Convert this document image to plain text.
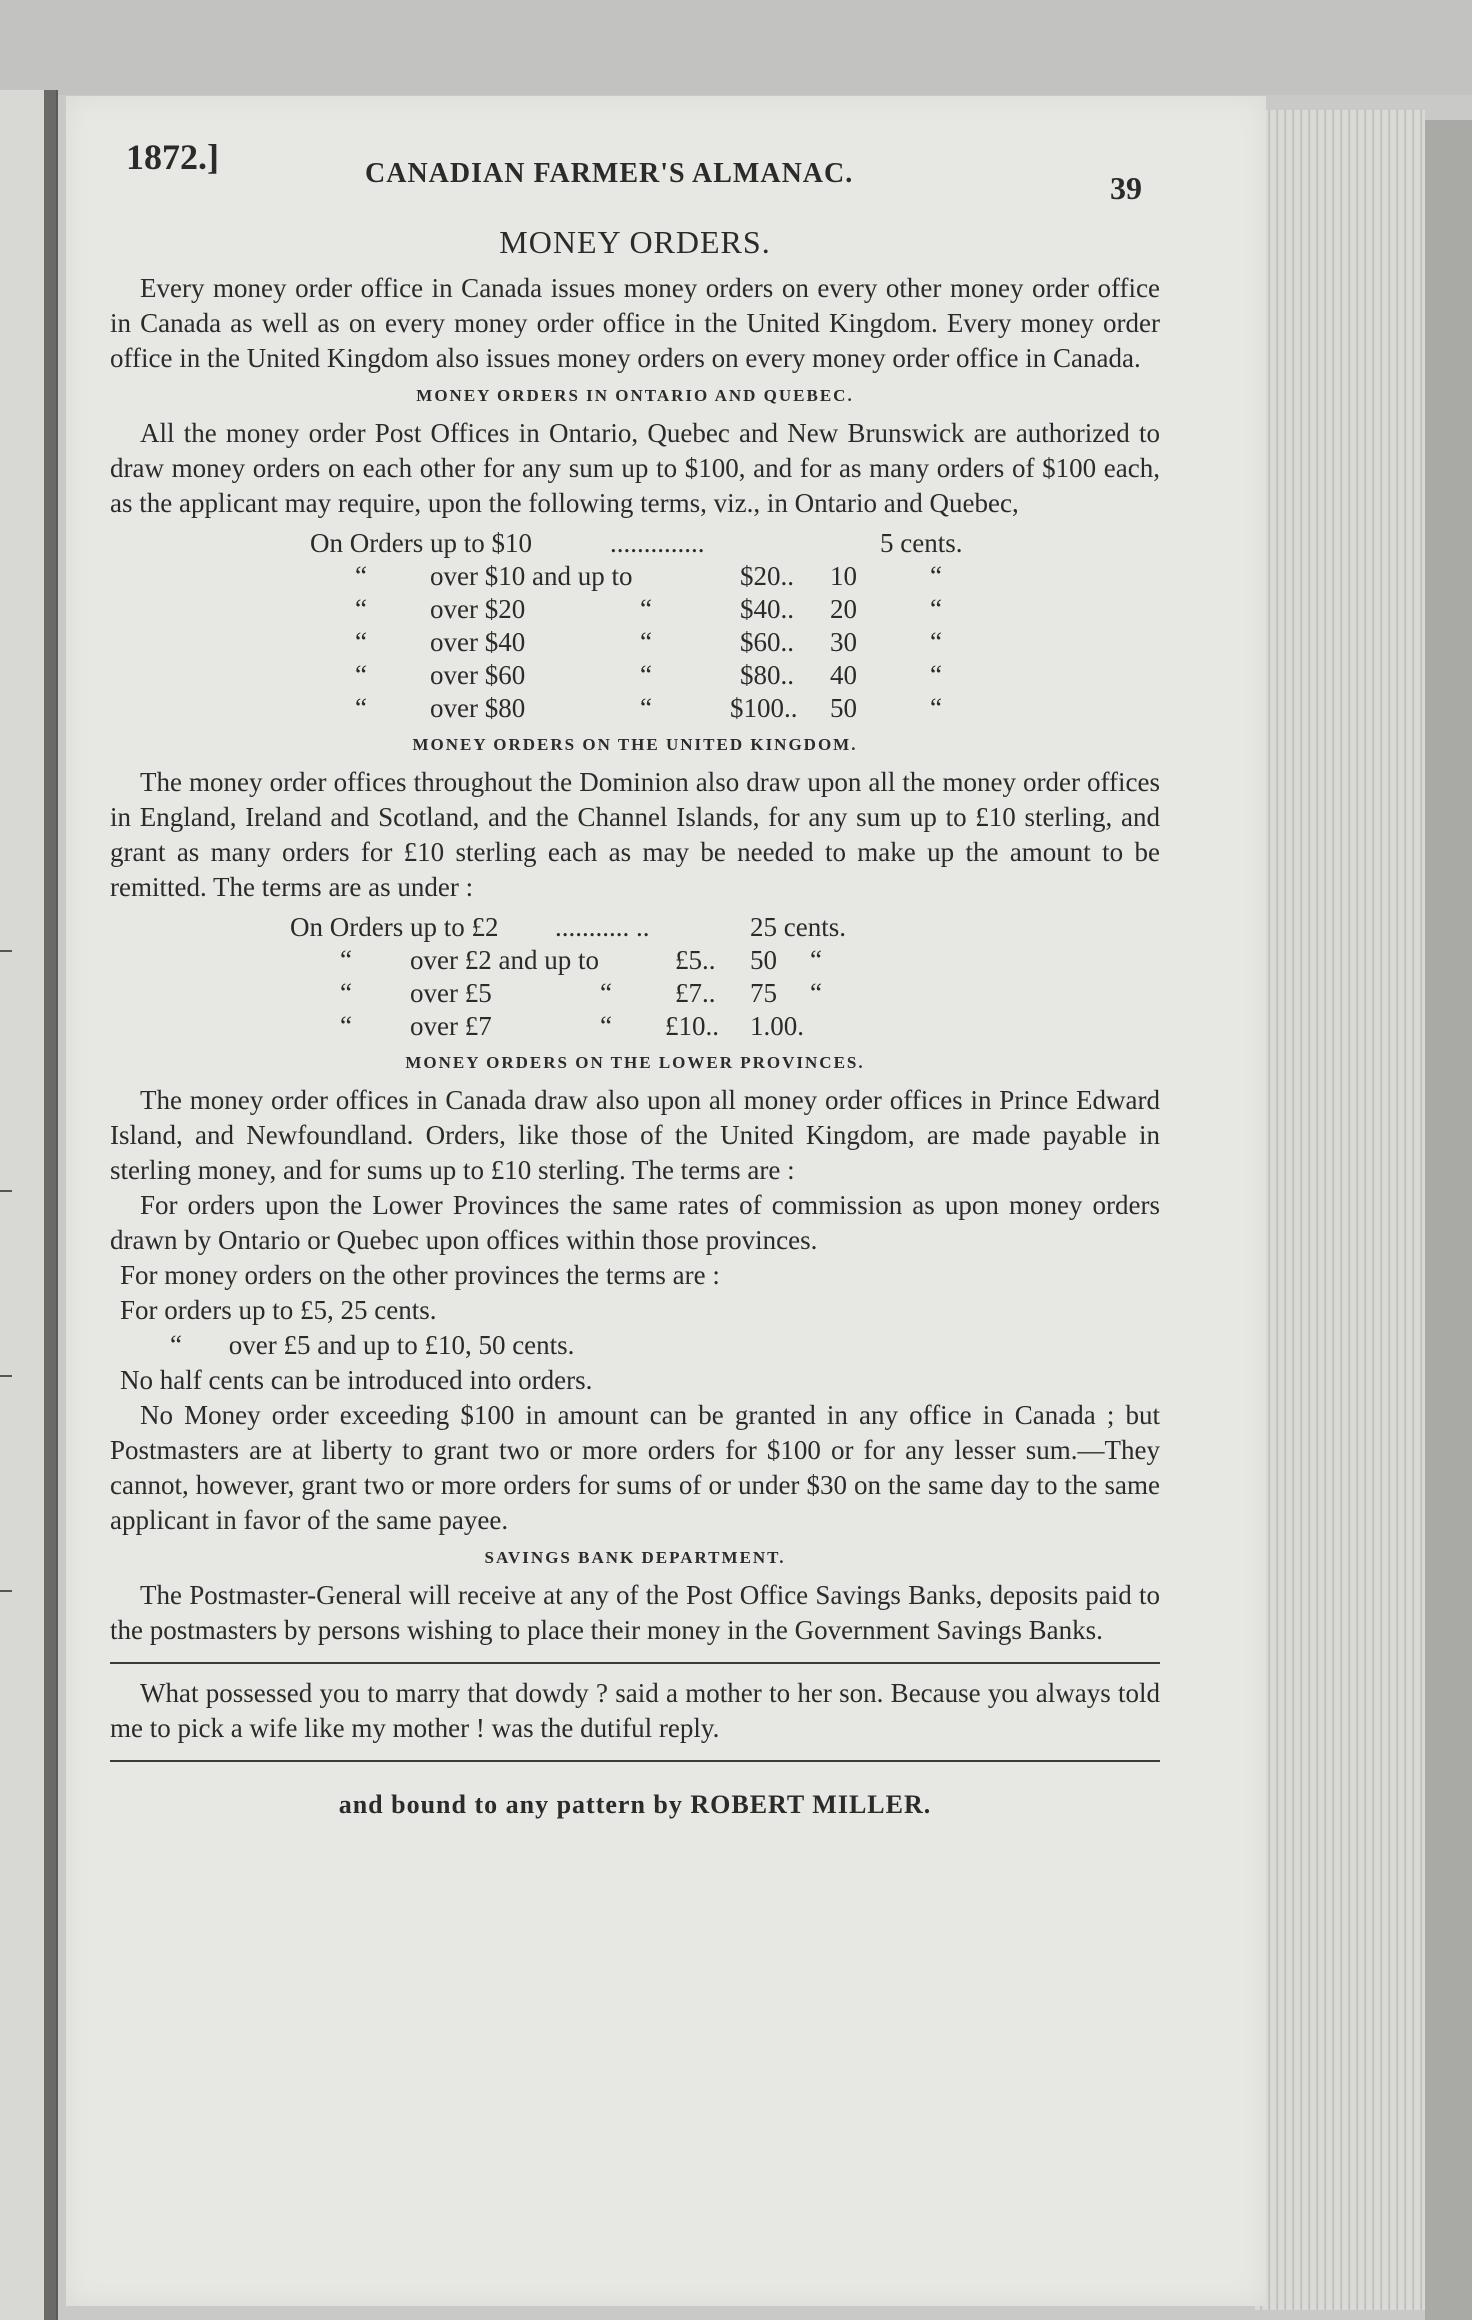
1872.]	CANADIAN FARMER'S ALMANAC.	39
MONEY ORDERS.

Every money order office in Canada issues money orders on every other money order office in Canada as well as on every money order office in the United Kingdom. Every money order office in the United Kingdom also issues money orders on every money order office in Canada.

MONEY ORDERS IN ONTARIO AND QUEBEC.

All the money order Post Offices in Ontario, Quebec and New Brunswick are authorized to draw money orders on each other for any sum up to $100, and for as many orders of $100 each, as the applicant may require, upon the following terms, viz., in Ontario and Quebec,

On Orders up to $10	..............	5 cents.
“ over $10 and up to	$20.. 10	“
“ over $20	“	$40.. 20	“
“ over $40	“	$60.. 30	“
“ over $60	“	$80.. 40	“
“ over $80	“	$100.. 50	“
MONEY ORDERS ON THE UNITED KINGDOM.

The money order offices throughout the Dominion also draw upon all the money order offices in England, Ireland and Scotland, and the Channel Islands, for any sum up to £10 sterling, and grant as many orders for £10 sterling each as may be needed to make up the amount to be remitted. The terms are as under :

On Orders up to £2 ........... ..	25 cents.
“ over £2 and up to	£5.. 50 “
“ over £5	“ £7.. 75 “
“ over £7	“ £10.. 1.00.
MONEY ORDERS ON THE LOWER PROVINCES.

The money order offices in Canada draw also upon all money order offices in Prince Edward Island, and Newfoundland. Orders, like those of the United Kingdom, are made payable in sterling money, and for sums up to £10 sterling. The terms are :

For orders upon the Lower Provinces the same rates of commission as upon money orders drawn by Ontario or Quebec upon offices within those provinces.

For money orders on the other provinces the terms are :

For orders up to £5, 25 cents.

“ over £5 and up to £10, 50 cents.

No half cents can be introduced into orders.

No Money order exceeding $100 in amount can be granted in any office in Canada ; but Postmasters are at liberty to grant two or more orders for $100 or for any lesser sum.—They cannot, however, grant two or more orders for sums of or under $30 on the same day to the same applicant in favor of the same payee.

SAVINGS BANK DEPARTMENT.

The Postmaster-General will receive at any of the Post Office Savings Banks, deposits paid to the postmasters by persons wishing to place their money in the Government Savings Banks.

What possessed you to marry that dowdy ? said a mother to her son. Because you always told me to pick a wife like my mother ! was the dutiful reply.

and bound to any pattern by ROBERT MILLER.
